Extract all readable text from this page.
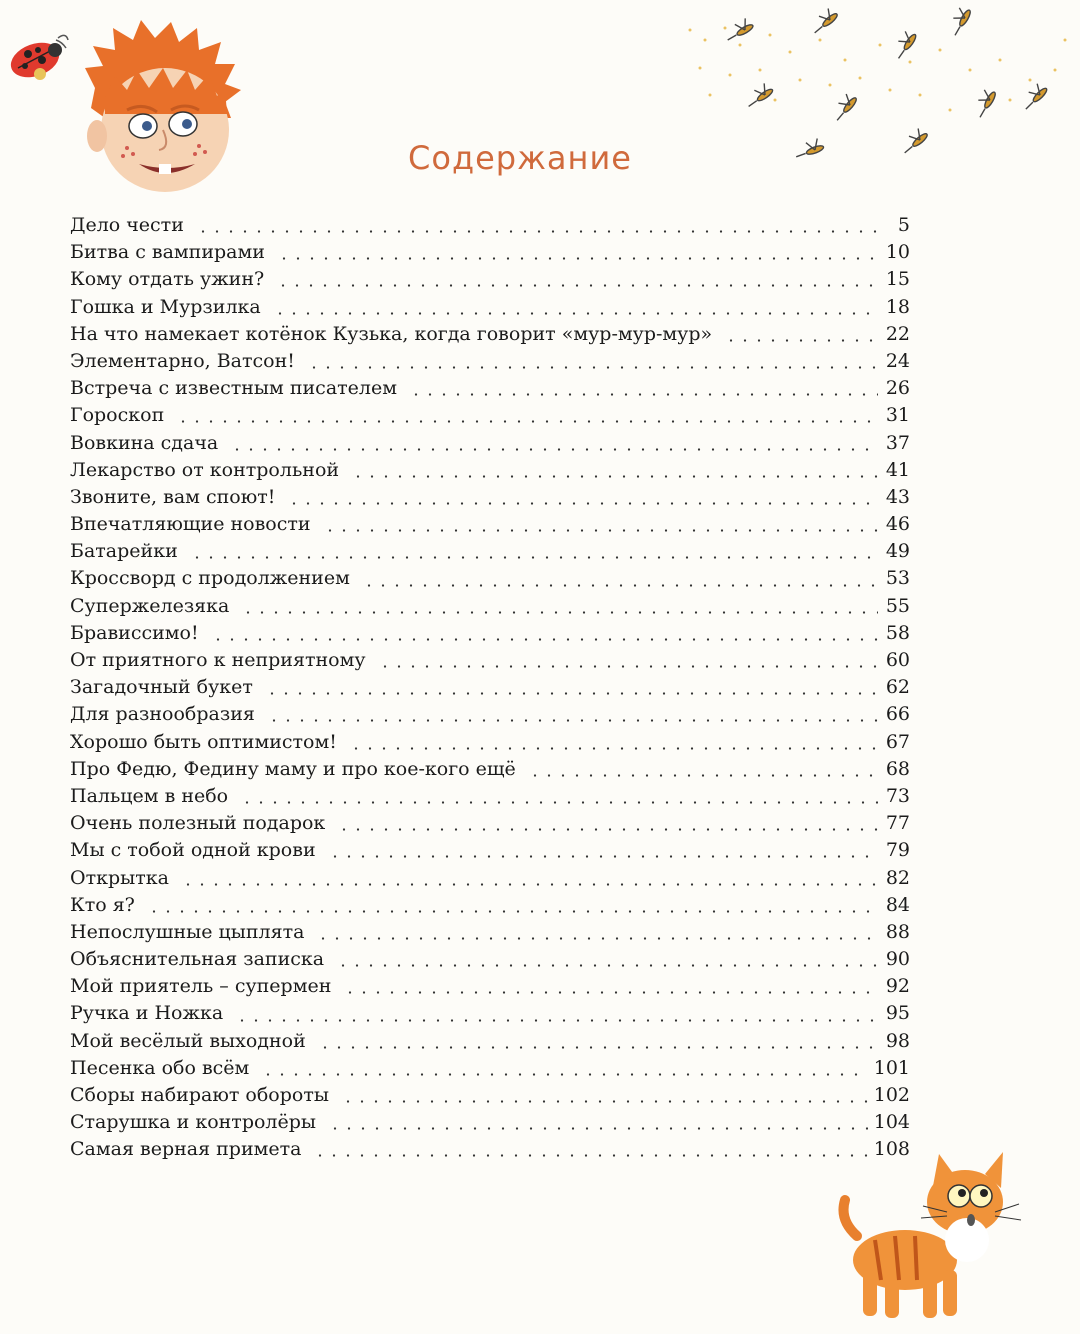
Содержание
Дело чести	5
Битва с вампирами	10
Кому отдать ужин?	15
Гошка и Мурзилка	18
На что намекает котёнок Кузька, когда говорит «мур-мур-мур»	22
Элементарно, Ватсон!	24
Встреча с известным писателем	26
Гороскоп	31
Вовкина сдача	37
Лекарство от контрольной	41
Звоните, вам споют!	43
Впечатляющие новости	46
Батарейки	49
Кроссворд с продолжением	53
Супержелезяка	55
Брависсимо!	58
От приятного к неприятному	60
Загадочный букет	62
Для разнообразия	66
Хорошо быть оптимистом!	67
Про Федю, Федину маму и про кое-кого ещё	68
Пальцем в небо	73
Очень полезный подарок	77
Мы с тобой одной крови	79
Открытка	82
Кто я?	84
Непослушные цыплята	88
Объяснительная записка	90
Мой приятель – супермен	92
Ручка и Ножка	95
Мой весёлый выходной	98
Песенка обо всём	101
Сборы набирают обороты	102
Старушка и контролёры	104
Самая верная примета	108
